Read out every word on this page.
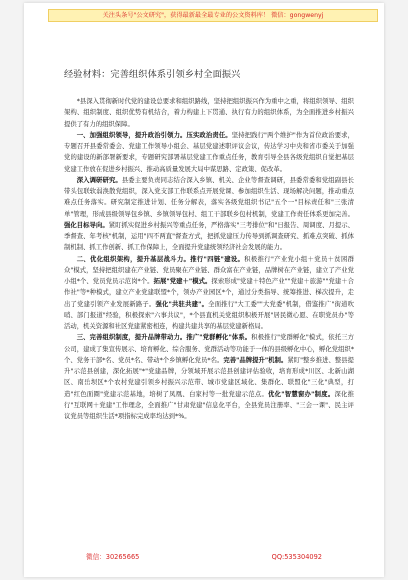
关注头条号"公文研究"，获得最新最全最专业的公文资料库！ 微信：gongwenyj
经验材料：完善组织体系引领乡村全面振兴

*县深入贯彻新时代党的建设总要求和组织路线，坚持把组织振兴作为重中之重，将组织领导、组织架构、组织制度、组织优势有机结合，着力构建上下贯通、执行有力的组织体系，为全面推进乡村振兴提供了有力的组织保障。

一、加强组织领导，提升政治引领力。压实政治责任。坚持把践行"两个维护"作为首位政治要求，专题召开县委常委会、党建工作领导小组会、基层党建述职评议会议，传达学习中央和省市委关于加强党的建设的新部署新要求，专题研究部署基层党建工作重点任务，教育引导全县各级党组织自觉把基层党建工作放在促进乡村振兴、推动高质量发展大局中谋思路、定政策、促改革。

深入调研研究。县委主要负责同志结合深入乡镇、机关、企业等督查调研，县委常委和党组副县长带头包联软弱涣散党组织，深入党支部工作联系点开展党课、参加组织生活、现场解决问题，推动重点难点任务落实。研究制定推进计划、任务分解表，落实各级党组织书记"五个一"目标责任和"三张清单"管理，形成县级领导包乡镇、乡镇领导包村、组工干部联乡包村机制，党建工作责任体系更加完善。强化目标导向。紧盯抓实促进乡村振兴等重点任务，严格落实"三考排位"和"日报告、周调度、月提示、季督查、年考核"机制，运用"四不两直"督查方式，把抓党建压力传导到抓调查研究、抓难点突破、抓体制机制、抓工作创新、抓工作保障上，全面提升党建统领经济社会发展的能力。

二、优化组织架构，提升基层战斗力。推行"四链"建设。积极推行"产业党小组＋党员＋贫困群众"模式，坚持把组织建在产业链、党员聚在产业链、群众富在产业链，品牌树在产业链，建立了产业党小组*个、党员党员示范岗*个。拓展"党建＋"模式。探索形成"党建＋特色产业""党建＋旅游""党建＋合作社"等*种模式，建立产业党建联盟*个，领办产业园区*个，通过分类指导、统筹推进、梯次提升，走出了党建引领产业发展新路子。强化"共驻共建"。全面推行"大工委""大党委"机制，借鉴推广"街道吹哨、部门报道"经验，积极探索"六事共议"，*个县直机关党组织积极开展"居民微心愿、在职党员办"等活动，机关资源和社区党建紧密相连，构建共建共享的基层党建新格局。

三、完善组织制度，提升品牌带动力。推广"党群孵化"体系。积极推行"党群孵化"模式，依托三方公司，建成了集宣传展示、培育孵化、综合服务、党群活动等功能于一体的县级孵化中心，孵化党组织*个、党务干部*名、党员*名、带动*个乡镇孵化党员*名。完善"品牌提升"机制。紧盯"整乡推进、整县提升"示范县创建，深化拓展"*"党建品牌，分领域开展示范县创建评估验收，培育形成*川区、北新山湖区、南岳坝区*个农村党建引领乡村振兴示范带、城市党建区域化、集群化、联盟化"三化"典型，打造"红色面圈"党建示范基地，培树了凤凰、白家村等一批党建示范点。优化"智慧窗办"制度。深化推行"互联网＋党建"工作理念，全面推广"甘肃党建"信息化平台，全县党员注册率、"三会一课"、民主评议党员等组织生活*项指标完成率均达到*%。

微信：30265665	QQ:535304092
